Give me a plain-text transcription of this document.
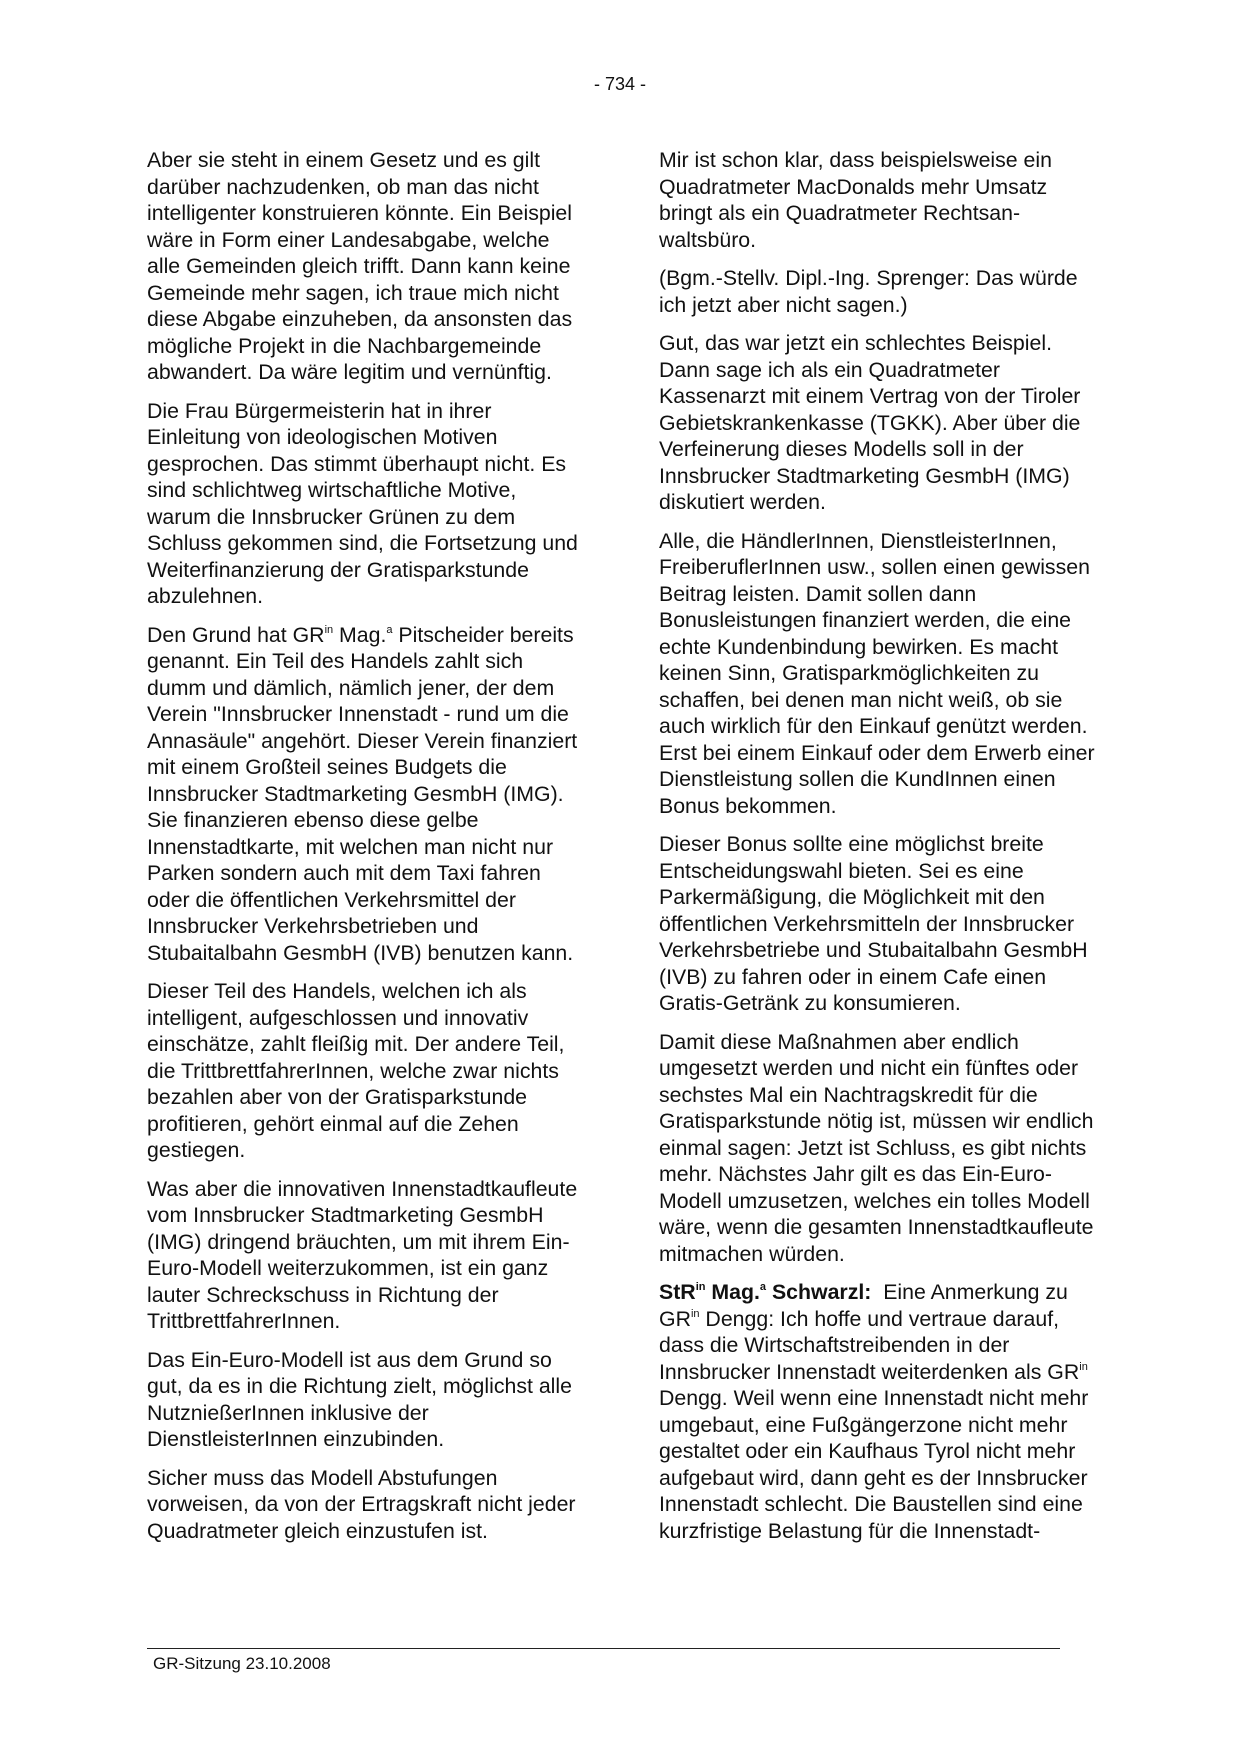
- 734 -

Aber sie steht in einem Gesetz und es gilt darüber nachzudenken, ob man das nicht intelligenter konstruieren könnte. Ein Beispiel wäre in Form einer Landesabgabe, welche alle Gemeinden gleich trifft. Dann kann keine Gemeinde mehr sagen, ich traue mich nicht diese Abgabe einzuheben, da ansonsten das mögliche Projekt in die Nachbargemeinde abwandert. Da wäre legitim und vernünftig.

Die Frau Bürgermeisterin hat in ihrer Einleitung von ideologischen Motiven gesprochen. Das stimmt überhaupt nicht. Es sind schlichtweg wirtschaftliche Motive, warum die Innsbrucker Grünen zu dem Schluss gekommen sind, die Fortsetzung und Weiterfinanzierung der Gratisparkstunde abzulehnen.

Den Grund hat $GR^{in}$ Mag.$^a$ Pitscheider bereits genannt. Ein Teil des Handels zahlt sich dumm und dämlich, nämlich jener, der dem Verein "Innsbrucker Innenstadt - rund um die Annasäule" angehört. Dieser Verein finanziert mit einem Großteil seines Budgets die Innsbrucker Stadtmarketing GesmbH (IMG). Sie finanzieren ebenso diese gelbe Innenstadtkarte, mit welchen man nicht nur Parken sondern auch mit dem Taxi fahren oder die öffentlichen Verkehrsmittel der Innsbrucker Verkehrsbetrieben und Stubaitalbahn GesmbH (IVB) benutzen kann.

Dieser Teil des Handels, welchen ich als intelligent, aufgeschlossen und innovativ einschätze, zahlt fleißig mit. Der andere Teil, die TrittbrettfahrerInnen, welche zwar nichts bezahlen aber von der Gratisparkstunde profitieren, gehört einmal auf die Zehen gestiegen.

Was aber die innovativen Innenstadtkaufleute vom Innsbrucker Stadtmarketing GesmbH (IMG) dringend bräuchten, um mit ihrem Ein-Euro-Modell weiterzukommen, ist ein ganz lauter Schreckschuss in Richtung der TrittbrettfahrerInnen.

Das Ein-Euro-Modell ist aus dem Grund so gut, da es in die Richtung zielt, möglichst alle NutznießerInnen inklusive der DienstleisterInnen einzubinden.

Sicher muss das Modell Abstufungen vorweisen, da von der Ertragskraft nicht jeder Quadratmeter gleich einzustufen ist.

Mir ist schon klar, dass beispielsweise ein Quadratmeter MacDonalds mehr Umsatz bringt als ein Quadratmeter Rechtsanwaltsbüro.

(Bgm.-Stellv. Dipl.-Ing. Sprenger: Das würde ich jetzt aber nicht sagen.)

Gut, das war jetzt ein schlechtes Beispiel. Dann sage ich als ein Quadratmeter Kassenarzt mit einem Vertrag von der Tiroler Gebietskrankenkasse (TGKK). Aber über die Verfeinerung dieses Modells soll in der Innsbrucker Stadtmarketing GesmbH (IMG) diskutiert werden.

Alle, die HändlerInnen, DienstleisterInnen, FreiberuflerInnen usw., sollen einen gewissen Beitrag leisten. Damit sollen dann Bonusleistungen finanziert werden, die eine echte Kundenbindung bewirken. Es macht keinen Sinn, Gratisparkmöglichkeiten zu schaffen, bei denen man nicht weiß, ob sie auch wirklich für den Einkauf genützt werden. Erst bei einem Einkauf oder dem Erwerb einer Dienstleistung sollen die KundInnen einen Bonus bekommen.

Dieser Bonus sollte eine möglichst breite Entscheidungswahl bieten. Sei es eine Parkermäßigung, die Möglichkeit mit den öffentlichen Verkehrsmitteln der Innsbrucker Verkehrsbetriebe und Stubaitalbahn GesmbH (IVB) zu fahren oder in einem Cafe einen Gratis-Getränk zu konsumieren.

Damit diese Maßnahmen aber endlich umgesetzt werden und nicht ein fünftes oder sechstes Mal ein Nachtragskredit für die Gratisparkstunde nötig ist, müssen wir endlich einmal sagen: Jetzt ist Schluss, es gibt nichts mehr. Nächstes Jahr gilt es das Ein-Euro-Modell umzusetzen, welches ein tolles Modell wäre, wenn die gesamten Innenstadtkaufleute mitmachen würden.

StR$^{in}$ Mag.$^a$ Schwarzl:  Eine Anmerkung zu $GR^{in}$ Dengg: Ich hoffe und vertraue darauf, dass die Wirtschaftstreibenden in der Innsbrucker Innenstadt weiterdenken als $GR^{in}$ Dengg. Weil wenn eine Innenstadt nicht mehr umgebaut, eine Fußgängerzone nicht mehr gestaltet oder ein Kaufhaus Tyrol nicht mehr aufgebaut wird, dann geht es der Innsbrucker Innenstadt schlecht. Die Baustellen sind eine kurzfristige Belastung für die Innenstadt-

GR-Sitzung 23.10.2008
